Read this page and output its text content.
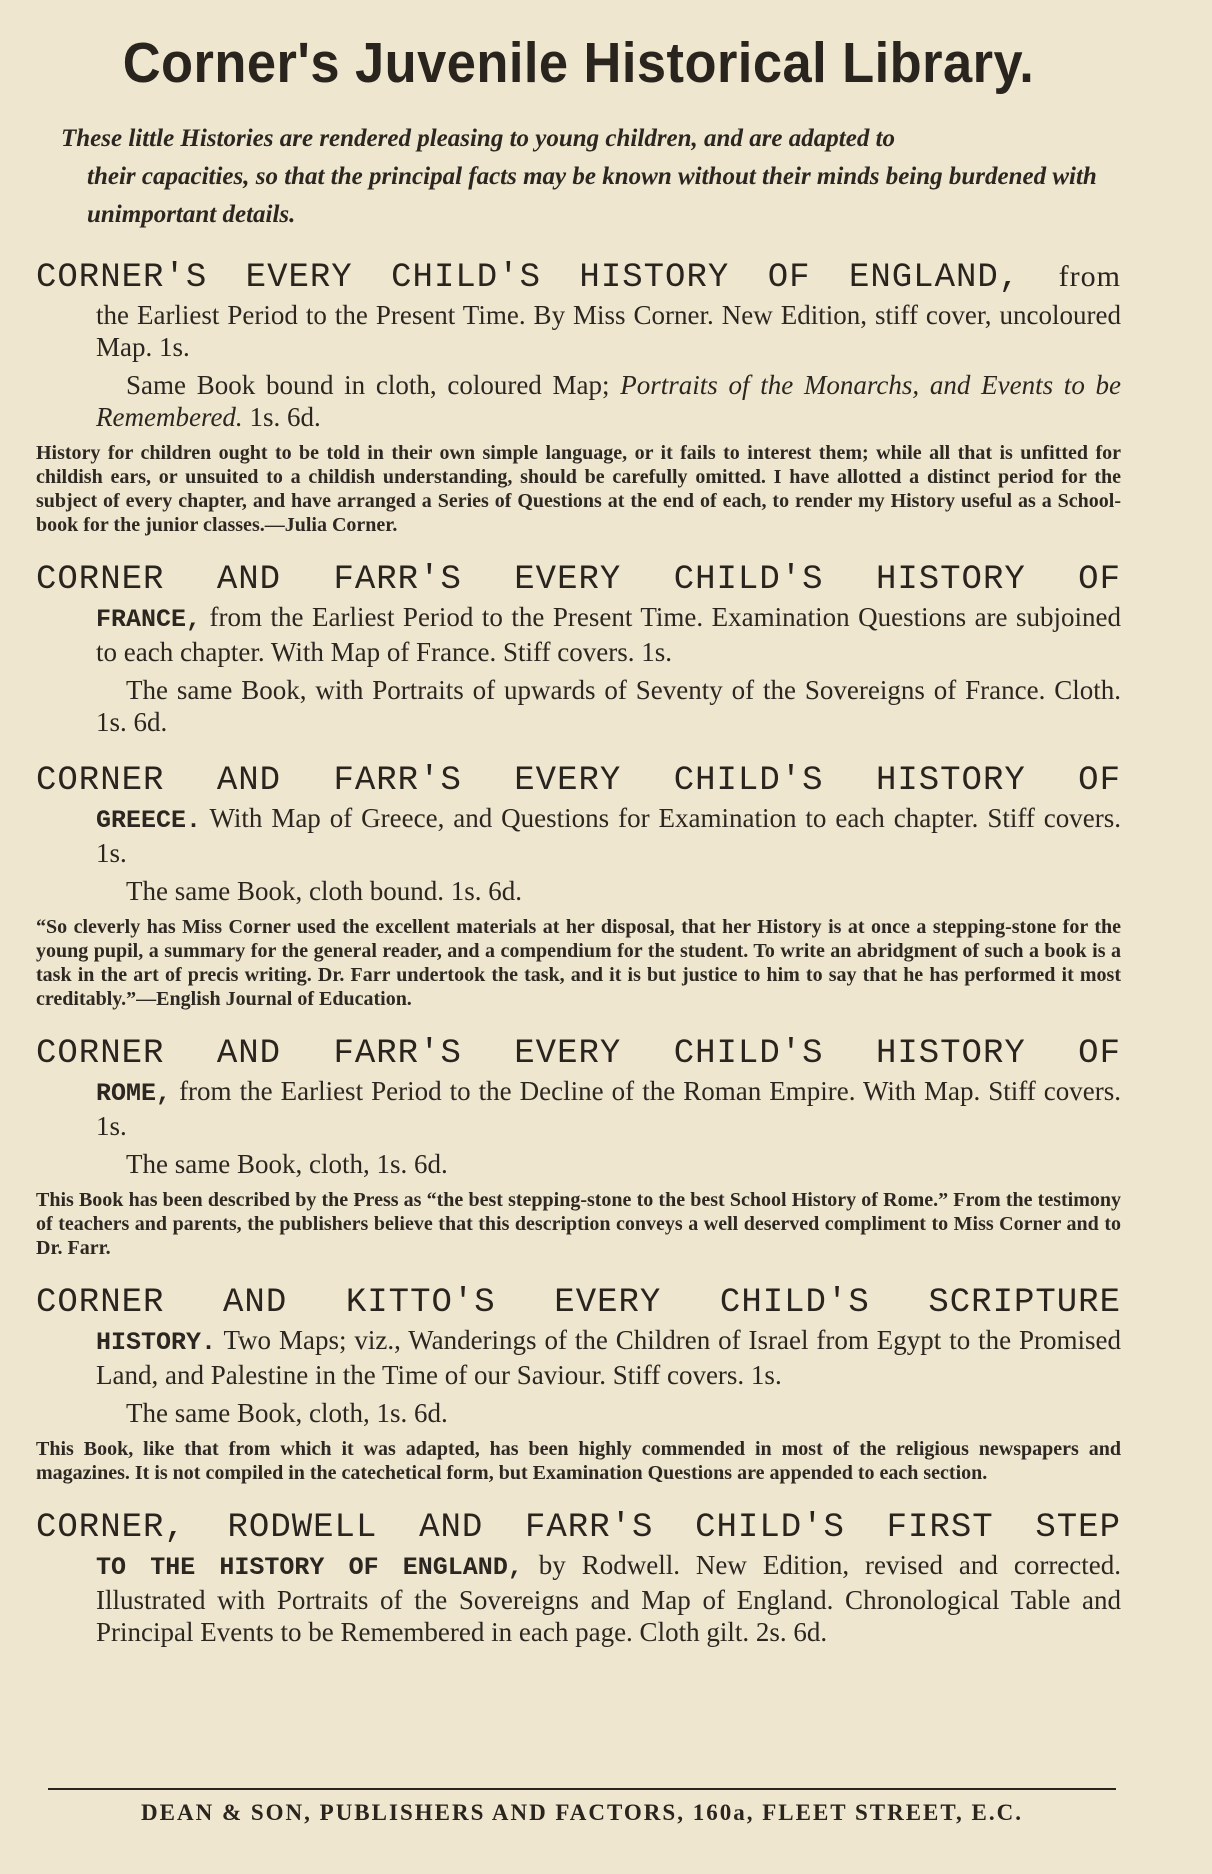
Corner's Juvenile Historical Library.

These little Histories are rendered pleasing to young children, and are adapted to
their capacities, so that the principal facts may be known without their minds being burdened with unimportant details.

CORNER'S EVERY CHILD'S HISTORY OF ENGLAND, from

the Earliest Period to the Present Time. By Miss Corner. New Edition, stiff cover, uncoloured Map. 1s.

Same Book bound in cloth, coloured Map; Portraits of the Monarchs, and Events to be Remembered. 1s. 6d.

History for children ought to be told in their own simple language, or it fails to interest them; while all that is unfitted for childish ears, or unsuited to a childish understanding, should be carefully omitted. I have allotted a distinct period for the subject of every chapter, and have arranged a Series of Questions at the end of each, to render my History useful as a School-book for the junior classes.—Julia Corner.

CORNER AND FARR'S EVERY CHILD'S HISTORY OF

FRANCE, from the Earliest Period to the Present Time. Examination Questions are subjoined to each chapter. With Map of France. Stiff covers. 1s.

The same Book, with Portraits of upwards of Seventy of the Sovereigns of France. Cloth. 1s. 6d.

CORNER AND FARR'S EVERY CHILD'S HISTORY OF

GREECE. With Map of Greece, and Questions for Examination to each chapter. Stiff covers. 1s.

The same Book, cloth bound. 1s. 6d.

“So cleverly has Miss Corner used the excellent materials at her disposal, that her History is at once a stepping-stone for the young pupil, a summary for the general reader, and a compendium for the student. To write an abridgment of such a book is a task in the art of precis writing. Dr. Farr undertook the task, and it is but justice to him to say that he has performed it most creditably.”—English Journal of Education.

CORNER AND FARR'S EVERY CHILD'S HISTORY OF

ROME, from the Earliest Period to the Decline of the Roman Empire. With Map. Stiff covers. 1s.

The same Book, cloth, 1s. 6d.

This Book has been described by the Press as “the best stepping-stone to the best School History of Rome.” From the testimony of teachers and parents, the publishers believe that this description conveys a well deserved compliment to Miss Corner and to Dr. Farr.

CORNER AND KITTO'S EVERY CHILD'S SCRIPTURE

HISTORY. Two Maps; viz., Wanderings of the Children of Israel from Egypt to the Promised Land, and Palestine in the Time of our Saviour. Stiff covers. 1s.

The same Book, cloth, 1s. 6d.

This Book, like that from which it was adapted, has been highly commended in most of the religious newspapers and magazines. It is not compiled in the catechetical form, but Examination Questions are appended to each section.

CORNER, RODWELL AND FARR'S CHILD'S FIRST STEP

TO THE HISTORY OF ENGLAND, by Rodwell. New Edition, revised and corrected. Illustrated with Portraits of the Sovereigns and Map of England. Chronological Table and Principal Events to be Remembered in each page. Cloth gilt. 2s. 6d.

DEAN & SON, PUBLISHERS AND FACTORS, 160a, FLEET STREET, E.C.
